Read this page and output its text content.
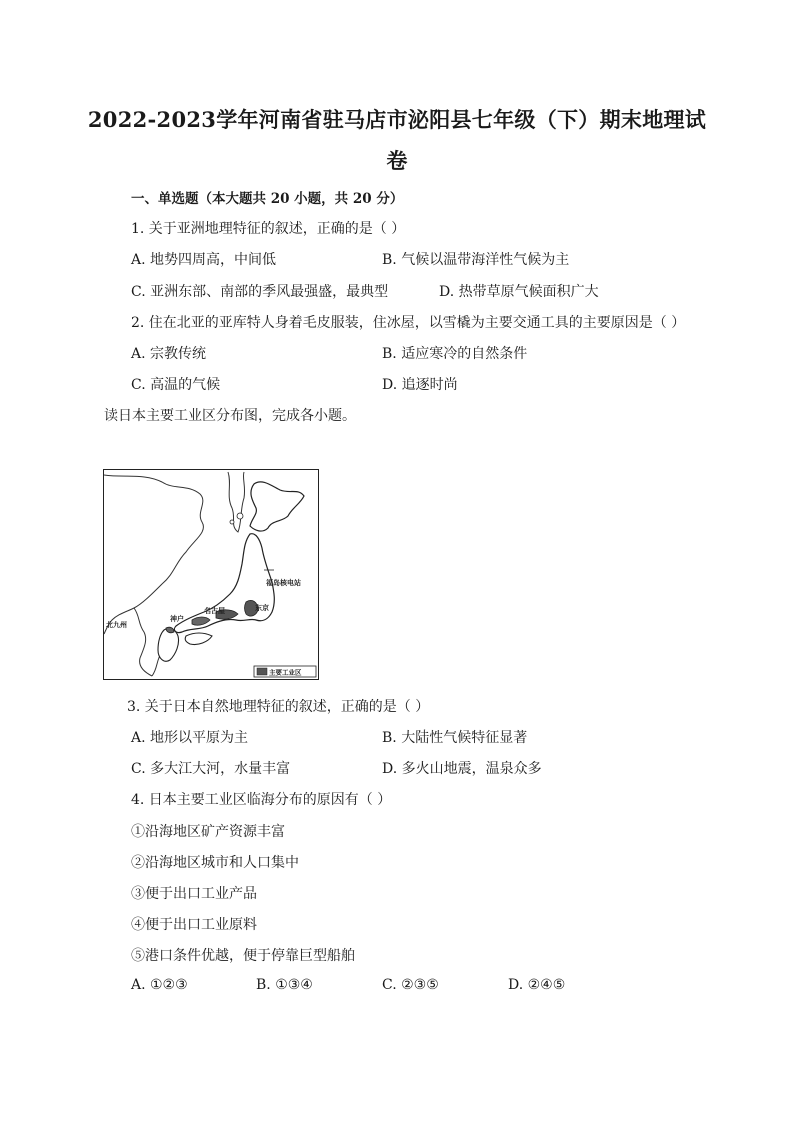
2022-2023学年河南省驻马店市泌阳县七年级（下）期末地理试
卷
一、单选题（本大题共 20 小题，共 20 分）
1. 关于亚洲地理特征的叙述，正确的是（ ）
A. 地势四周高，中间低	B. 气候以温带海洋性气候为主
C. 亚洲东部、南部的季风最强盛，最典型	D. 热带草原气候面积广大
2. 住在北亚的亚库特人身着毛皮服装，住冰屋，以雪橇为主要交通工具的主要原因是（ ）
A. 宗教传统	B. 适应寒冷的自然条件
C. 高温的气候	D. 追逐时尚
读日本主要工业区分布图，完成各小题。
福岛核电站
名古屋	东京
神户
北九州
主要工业区
3. 关于日本自然地理特征的叙述，正确的是（ ）
A. 地形以平原为主	B. 大陆性气候特征显著
C. 多大江大河，水量丰富	D. 多火山地震，温泉众多
4. 日本主要工业区临海分布的原因有（ ）
①沿海地区矿产资源丰富
②沿海地区城市和人口集中
③便于出口工业产品
④便于出口工业原料
⑤港口条件优越，便于停靠巨型船舶
A. ①②③	B. ①③④	C. ②③⑤	D. ②④⑤
